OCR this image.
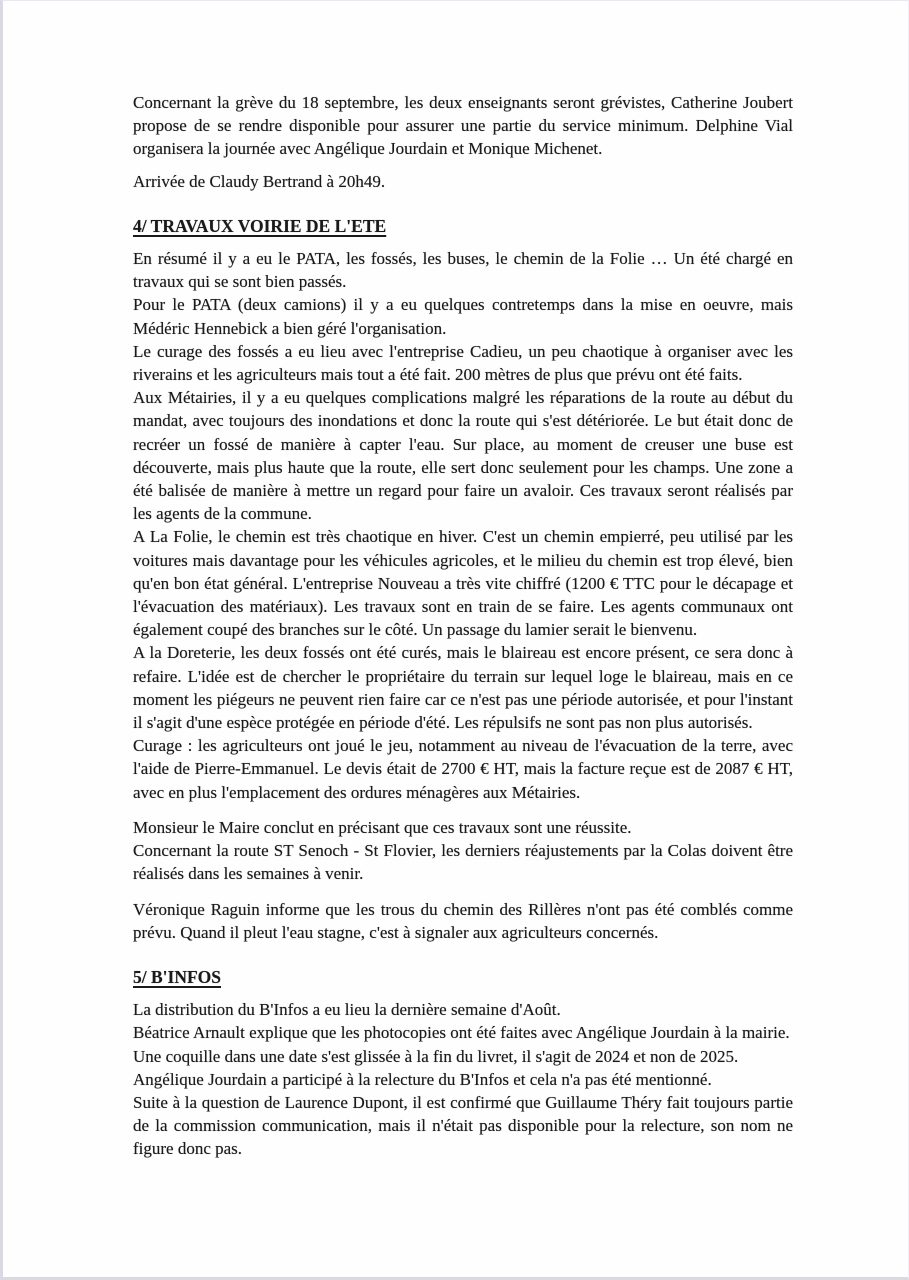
Concernant la grève du 18 septembre, les deux enseignants seront grévistes, Catherine Joubert propose de se rendre disponible pour assurer une partie du service minimum. Delphine Vial organisera la journée avec Angélique Jourdain et Monique Michenet.

Arrivée de Claudy Bertrand à 20h49.

4/ TRAVAUX VOIRIE DE L'ETE

En résumé il y a eu le PATA, les fossés, les buses, le chemin de la Folie … Un été chargé en travaux qui se sont bien passés.

Pour le PATA (deux camions) il y a eu quelques contretemps dans la mise en oeuvre, mais Médéric Hennebick a bien géré l'organisation.

Le curage des fossés a eu lieu avec l'entreprise Cadieu, un peu chaotique à organiser avec les riverains et les agriculteurs mais tout a été fait. 200 mètres de plus que prévu ont été faits.

Aux Métairies, il y a eu quelques complications malgré les réparations de la route au début du mandat, avec toujours des inondations et donc la route qui s'est détériorée. Le but était donc de recréer un fossé de manière à capter l'eau. Sur place, au moment de creuser une buse est découverte, mais plus haute que la route, elle sert donc seulement pour les champs. Une zone a été balisée de manière à mettre un regard pour faire un avaloir. Ces travaux seront réalisés par les agents de la commune.

A La Folie, le chemin est très chaotique en hiver. C'est un chemin empierré, peu utilisé par les voitures mais davantage pour les véhicules agricoles, et le milieu du chemin est trop élevé, bien qu'en bon état général. L'entreprise Nouveau a très vite chiffré (1200 € TTC pour le décapage et l'évacuation des matériaux). Les travaux sont en train de se faire. Les agents communaux ont également coupé des branches sur le côté. Un passage du lamier serait le bienvenu.

A la Doreterie, les deux fossés ont été curés, mais le blaireau est encore présent, ce sera donc à refaire. L'idée est de chercher le propriétaire du terrain sur lequel loge le blaireau, mais en ce moment les piégeurs ne peuvent rien faire car ce n'est pas une période autorisée, et pour l'instant il s'agit d'une espèce protégée en période d'été. Les répulsifs ne sont pas non plus autorisés.

Curage : les agriculteurs ont joué le jeu, notamment au niveau de l'évacuation de la terre, avec l'aide de Pierre-Emmanuel. Le devis était de 2700 € HT, mais la facture reçue est de 2087 € HT, avec en plus l'emplacement des ordures ménagères aux Métairies.

Monsieur le Maire conclut en précisant que ces travaux sont une réussite.

Concernant la route ST Senoch - St Flovier, les derniers réajustements par la Colas doivent être réalisés dans les semaines à venir.

Véronique Raguin informe que les trous du chemin des Rillères n'ont pas été comblés comme prévu. Quand il pleut l'eau stagne, c'est à signaler aux agriculteurs concernés.

5/ B'INFOS

La distribution du B'Infos a eu lieu la dernière semaine d'Août.

Béatrice Arnault explique que les photocopies ont été faites avec Angélique Jourdain à la mairie.

Une coquille dans une date s'est glissée à la fin du livret, il s'agit de 2024 et non de 2025.

Angélique Jourdain a participé à la relecture du B'Infos et cela n'a pas été mentionné.

Suite à la question de Laurence Dupont, il est confirmé que Guillaume Théry fait toujours partie de la commission communication, mais il n'était pas disponible pour la relecture, son nom ne figure donc pas.
